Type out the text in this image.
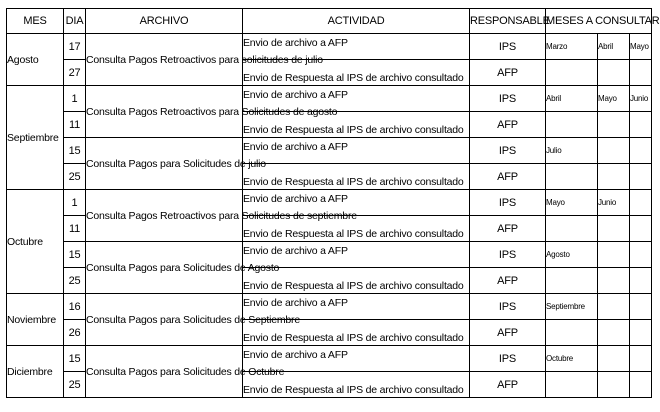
MES	DIA	ARCHIVO	ACTIVIDAD	RESPONSABLE	MESES A CONSULTAR		
Agosto	17	Consulta Pagos Retroactivos para solicitudes de julio	Envio de archivo a AFP	IPS	Marzo	Abril	Mayo
	27		Envio de Respuesta al IPS de archivo consultado	AFP			
Septiembre	1	Consulta Pagos Retroactivos para Solicitudes de agosto	Envio de archivo a AFP	IPS	Abril	Mayo	Junio
	11		Envio de Respuesta al IPS de archivo consultado	AFP			
	15	Consulta Pagos para Solicitudes de julio	Envio de archivo a AFP	IPS	Julio		
	25		Envio de Respuesta al IPS de archivo consultado	AFP			
Octubre	1	Consulta Pagos Retroactivos para Solicitudes de septiembre	Envio de archivo a AFP	IPS	Mayo	Junio	
	11		Envio de Respuesta al IPS de archivo consultado	AFP			
	15	Consulta Pagos para Solicitudes de Agosto	Envio de archivo a AFP	IPS	Agosto		
	25		Envio de Respuesta al IPS de archivo consultado	AFP			
Noviembre	16	Consulta Pagos para Solicitudes de Septiembre	Envio de archivo a AFP	IPS	Septiembre		
	26		Envio de Respuesta al IPS de archivo consultado	AFP			
Diciembre	15	Consulta Pagos para Solicitudes de Octubre	Envio de archivo a AFP	IPS	Octubre		
	25		Envio de Respuesta al IPS de archivo consultado	AFP			
